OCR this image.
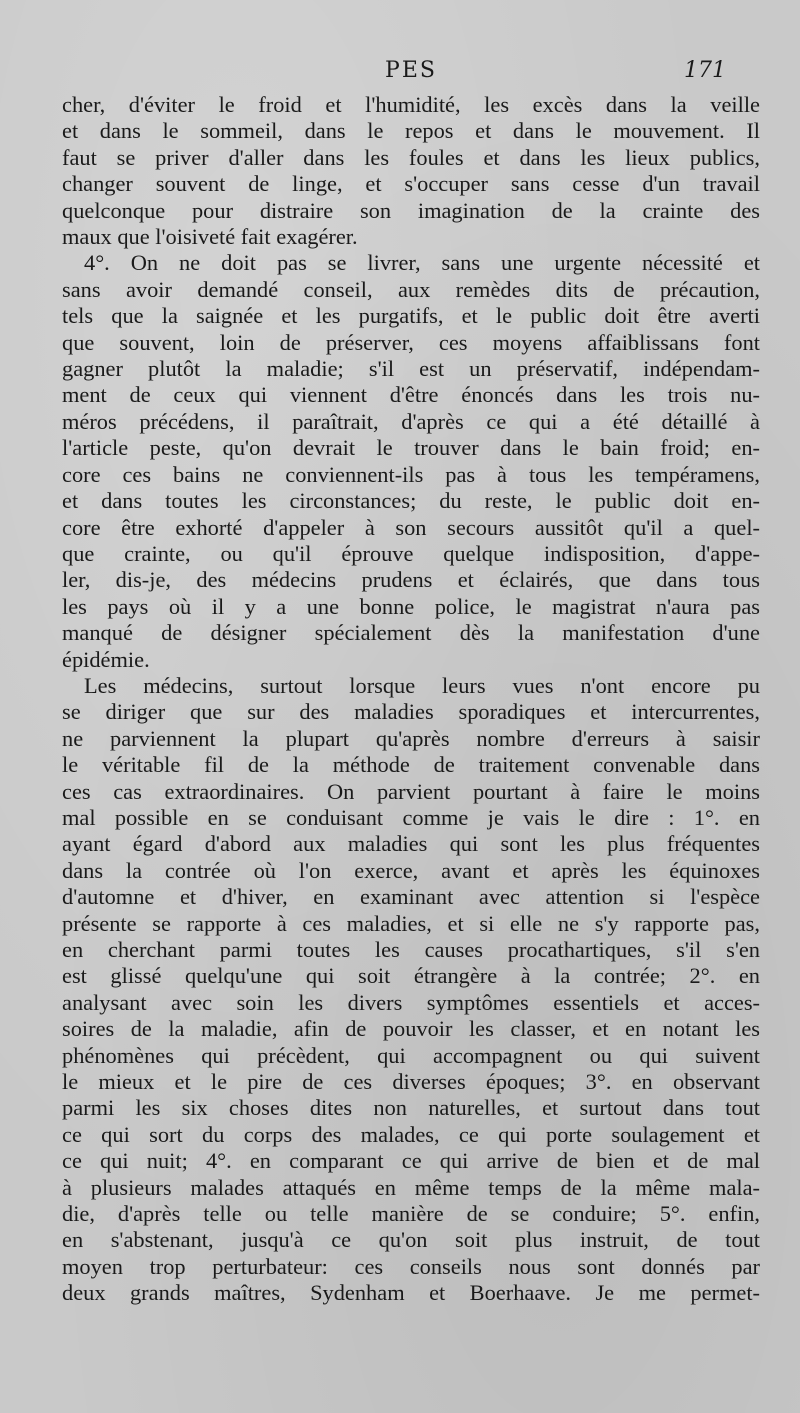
PES	171
cher, d'éviter le froid et l'humidité, les excès dans la veille
et dans le sommeil, dans le repos et dans le mouvement. Il
faut se priver d'aller dans les foules et dans les lieux publics,
changer souvent de linge, et s'occuper sans cesse d'un travail
quelconque pour distraire son imagination de la crainte des
maux que l'oisiveté fait exagérer.
4°. On ne doit pas se livrer, sans une urgente nécessité et
sans avoir demandé conseil, aux remèdes dits de précaution,
tels que la saignée et les purgatifs, et le public doit être averti
que souvent, loin de préserver, ces moyens affaiblissans font
gagner plutôt la maladie; s'il est un préservatif, indépendam-
ment de ceux qui viennent d'être énoncés dans les trois nu-
méros précédens, il paraîtrait, d'après ce qui a été détaillé à
l'article peste, qu'on devrait le trouver dans le bain froid; en-
core ces bains ne conviennent-ils pas à tous les tempéramens,
et dans toutes les circonstances; du reste, le public doit en-
core être exhorté d'appeler à son secours aussitôt qu'il a quel-
que crainte, ou qu'il éprouve quelque indisposition, d'appe-
ler, dis-je, des médecins prudens et éclairés, que dans tous
les pays où il y a une bonne police, le magistrat n'aura pas
manqué de désigner spécialement dès la manifestation d'une
épidémie.
Les médecins, surtout lorsque leurs vues n'ont encore pu
se diriger que sur des maladies sporadiques et intercurrentes,
ne parviennent la plupart qu'après nombre d'erreurs à saisir
le véritable fil de la méthode de traitement convenable dans
ces cas extraordinaires. On parvient pourtant à faire le moins
mal possible en se conduisant comme je vais le dire : 1°. en
ayant égard d'abord aux maladies qui sont les plus fréquentes
dans la contrée où l'on exerce, avant et après les équinoxes
d'automne et d'hiver, en examinant avec attention si l'espèce
présente se rapporte à ces maladies, et si elle ne s'y rapporte pas,
en cherchant parmi toutes les causes procathartiques, s'il s'en
est glissé quelqu'une qui soit étrangère à la contrée; 2°. en
analysant avec soin les divers symptômes essentiels et acces-
soires de la maladie, afin de pouvoir les classer, et en notant les
phénomènes qui précèdent, qui accompagnent ou qui suivent
le mieux et le pire de ces diverses époques; 3°. en observant
parmi les six choses dites non naturelles, et surtout dans tout
ce qui sort du corps des malades, ce qui porte soulagement et
ce qui nuit; 4°. en comparant ce qui arrive de bien et de mal
à plusieurs malades attaqués en même temps de la même mala-
die, d'après telle ou telle manière de se conduire; 5°. enfin,
en s'abstenant, jusqu'à ce qu'on soit plus instruit, de tout
moyen trop perturbateur: ces conseils nous sont donnés par
deux grands maîtres, Sydenham et Boerhaave. Je me permet-
